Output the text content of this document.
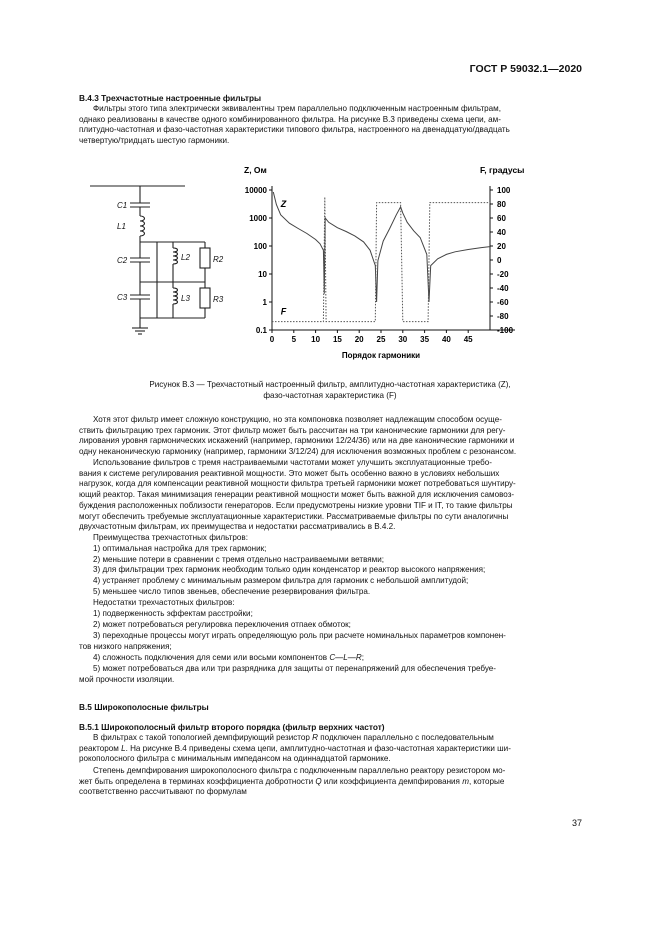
ГОСТ Р 59032.1—2020
В.4.3 Трехчастотные настроенные фильтры
Фильтры этого типа электрически эквивалентны трем параллельно подключенным настроенным фильтрам,
однако реализованы в качестве одного комбинированного фильтра. На рисунке В.3 приведены схема цепи, ам-
плитудно-частотная и фазо-частотная характеристики типового фильтра, настроенного на двенадцатую/двадцать
четвертую/тридцать шестую гармоники.
C1
L1
C2	L2	R2
C3	L3	R3
0 5 10 15 20 25 30 35 40 45
10000
1000
100
10
1
0.1
100
80
60
40
20
0
-20
-40
-60
-80
-100
Z, Ом	F, градусы
Порядок гармоники
Z
F
Рисунок В.3 — Трехчастотный настроенный фильтр, амплитудно-частотная характеристика (Z),
фазо-частотная характеристика (F)
Хотя этот фильтр имеет сложную конструкцию, но эта компоновка позволяет надлежащим способом осуще-
ствить фильтрацию трех гармоник. Этот фильтр может быть рассчитан на три канонические гармоники для регу-
лирования уровня гармонических искажений (например, гармоники 12/24/36) или на две канонические гармоники и
одну неканоническую гармонику (например, гармоники 3/12/24) для исключения возможных проблем с резонансом.
Использование фильтров с тремя настраиваемыми частотами может улучшить эксплуатационные требо-
вания к системе регулирования реактивной мощности. Это может быть особенно важно в условиях небольших
нагрузок, когда для компенсации реактивной мощности фильтра третьей гармоники может потребоваться шунтиру-
ющий реактор. Такая минимизация генерации реактивной мощности может быть важной для исключения самовоз-
буждения расположенных поблизости генераторов. Если предусмотрены низкие уровни TIF и IT, то такие фильтры
могут обеспечить требуемые эксплуатационные характеристики. Рассматриваемые фильтры по сути аналогичны
двухчастотным фильтрам, их преимущества и недостатки рассматривались в В.4.2.
Преимущества трехчастотных фильтров:
1) оптимальная настройка для трех гармоник;
2) меньшие потери в сравнении с тремя отдельно настраиваемыми ветвями;
3) для фильтрации трех гармоник необходим только один конденсатор и реактор высокого напряжения;
4) устраняет проблему с минимальным размером фильтра для гармоник с небольшой амплитудой;
5) меньшее число типов звеньев, обеспечение резервирования фильтра.
Недостатки трехчастотных фильтров:
1) подверженность эффектам расстройки;
2) может потребоваться регулировка переключения отпаек обмоток;
3) переходные процессы могут играть определяющую роль при расчете номинальных параметров компонен-
тов низкого напряжения;
4) сложность подключения для семи или восьми компонентов C—L—R;
5) может потребоваться два или три разрядника для защиты от перенапряжений для обеспечения требуе-
мой прочности изоляции.
В.5 Широкополосные фильтры
В.5.1 Широкополосный фильтр второго порядка (фильтр верхних частот)
В фильтрах с такой топологией демпфирующий резистор R подключен параллельно с последовательным
реактором L. На рисунке В.4 приведены схема цепи, амплитудно-частотная и фазо-частотная характеристики ши-
рокополосного фильтра с минимальным импедансом на одиннадцатой гармонике.
Степень демпфирования широкополосного фильтра с подключенным параллельно реактору резистором мо-
жет быть определена в терминах коэффициента добротности Q или коэффициента демпфирования m, которые
соответственно рассчитывают по формулам
37
